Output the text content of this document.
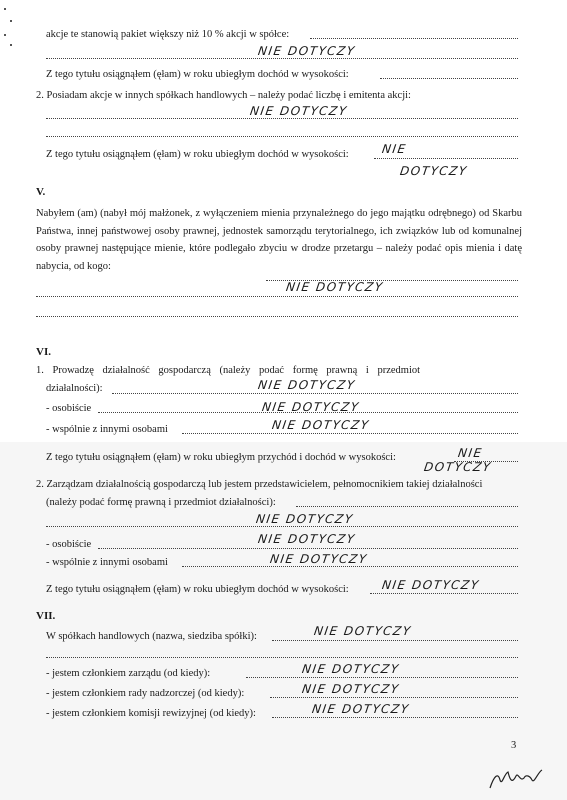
akcje te stanowią pakiet większy niż 10 % akcji w spółce:
NIE DOTYCZY
Z tego tytułu osiągnąłem (ęłam) w roku ubiegłym dochód w wysokości:
2. Posiadam akcje w innych spółkach handlowych – należy podać liczbę i emitenta akcji:
NIE DOTYCZY
Z tego tytułu osiągnąłem (ęłam) w roku ubiegłym dochód w wysokości:	NIE
DOTYCZY
V.
Nabyłem (am) (nabył mój małżonek, z wyłączeniem mienia przynależnego do jego majątku odrębnego) od Skarbu Państwa, innej państwowej osoby prawnej, jednostek samorządu terytorialnego, ich związków lub od komunalnej osoby prawnej następujące mienie, które podlegało zbyciu w drodze przetargu – należy podać opis mienia i datę nabycia, od kogo:
NIE DOTYCZY
VI.
1. Prowadzę działalność gospodarczą (należy podać formę prawną i przedmiot
działalności):	NIE DOTYCZY
- osobiście	NIE DOTYCZY
- wspólnie z innymi osobami	NIE DOTYCZY
Z tego tytułu osiągnąłem (ęłam) w roku ubiegłym przychód i dochód w wysokości:	NIE
DOTYCZY
2. Zarządzam działalnością gospodarczą lub jestem przedstawicielem, pełnomocnikiem takiej działalności
(należy podać formę prawną i przedmiot działalności):
NIE DOTYCZY
- osobiście	NIE DOTYCZY
- wspólnie z innymi osobami	NIE DOTYCZY
Z tego tytułu osiągnąłem (ęłam) w roku ubiegłym dochód w wysokości:	NIE DOTYCZY
VII.
W spółkach handlowych (nazwa, siedziba spółki):	NIE DOTYCZY
- jestem członkiem zarządu (od kiedy):	NIE DOTYCZY
- jestem członkiem rady nadzorczej (od kiedy):	NIE DOTYCZY
- jestem członkiem komisji rewizyjnej (od kiedy):	NIE DOTYCZY
3
